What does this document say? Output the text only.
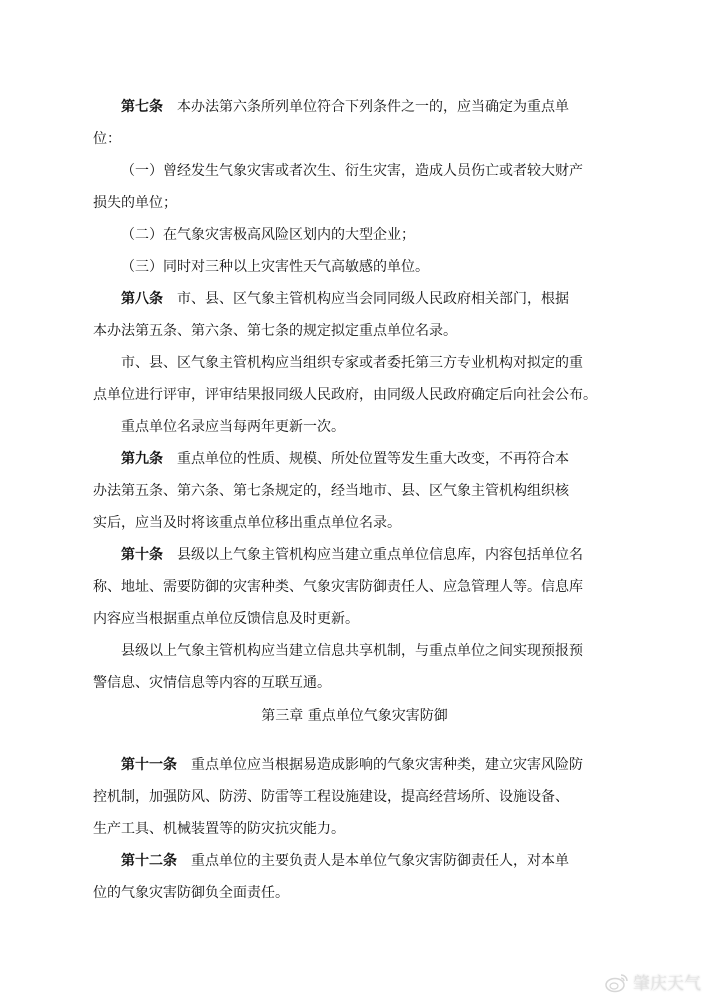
第七条 本办法第六条所列单位符合下列条件之一的，应当确定为重点单
位：
（一）曾经发生气象灾害或者次生、衍生灾害，造成人员伤亡或者较大财产
损失的单位；
（二）在气象灾害极高风险区划内的大型企业；
（三）同时对三种以上灾害性天气高敏感的单位。
第八条 市、县、区气象主管机构应当会同同级人民政府相关部门，根据
本办法第五条、第六条、第七条的规定拟定重点单位名录。
市、县、区气象主管机构应当组织专家或者委托第三方专业机构对拟定的重
点单位进行评审，评审结果报同级人民政府，由同级人民政府确定后向社会公布。
重点单位名录应当每两年更新一次。
第九条 重点单位的性质、规模、所处位置等发生重大改变，不再符合本
办法第五条、第六条、第七条规定的，经当地市、县、区气象主管机构组织核
实后，应当及时将该重点单位移出重点单位名录。
第十条 县级以上气象主管机构应当建立重点单位信息库，内容包括单位名
称、地址、需要防御的灾害种类、气象灾害防御责任人、应急管理人等。信息库
内容应当根据重点单位反馈信息及时更新。
县级以上气象主管机构应当建立信息共享机制，与重点单位之间实现预报预
警信息、灾情信息等内容的互联互通。
第三章 重点单位气象灾害防御
第十一条 重点单位应当根据易造成影响的气象灾害种类，建立灾害风险防
控机制，加强防风、防涝、防雷等工程设施建设，提高经营场所、设施设备、
生产工具、机械装置等的防灾抗灾能力。
第十二条 重点单位的主要负责人是本单位气象灾害防御责任人，对本单
位的气象灾害防御负全面责任。
肇庆天气
